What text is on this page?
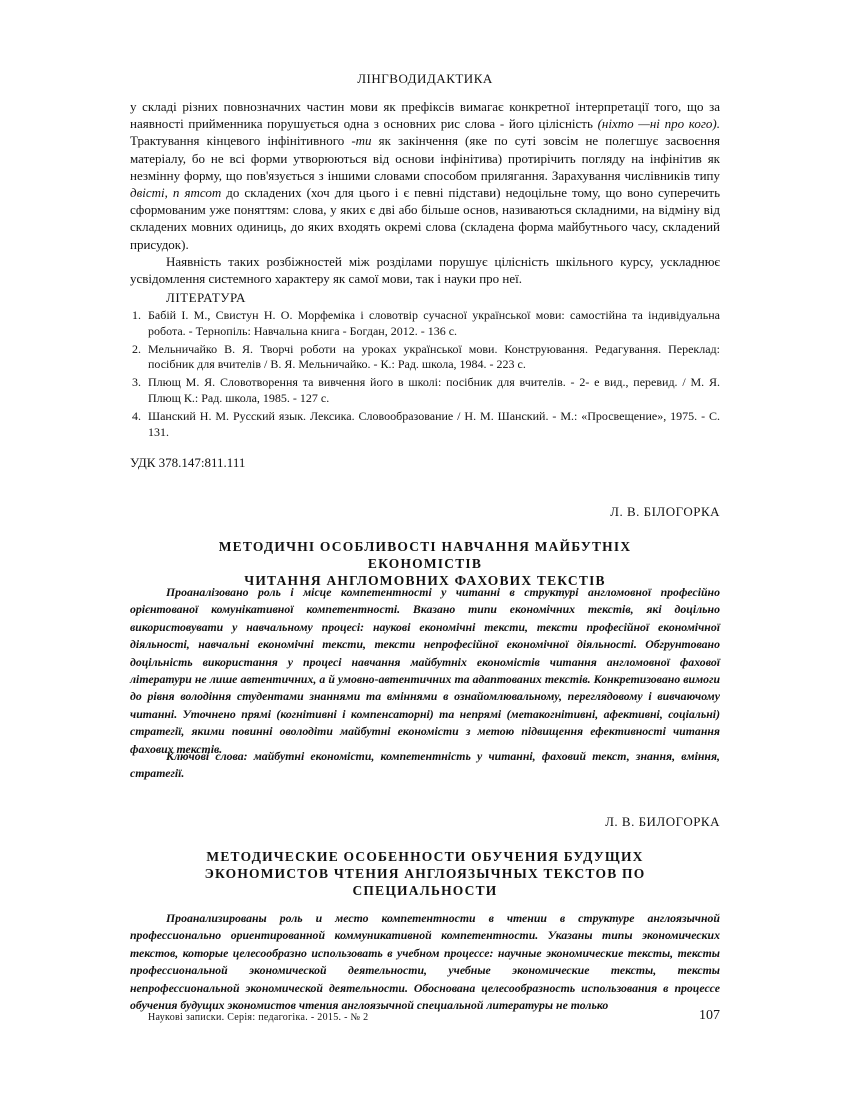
ЛІНГВОДИДАКТИКА

у складі різних повнозначних частин мови як префіксів вимагає конкретної інтерпретації того, що за наявності прийменника порушується одна з основних рис слова - його цілісність (ніхто —ні про кого). Трактування кінцевого інфінітивного -ти як закінчення (яке по суті зовсім не полегшує засвоєння матеріалу, бо не всі форми утворюються від основи інфінітива) протирічить погляду на інфінітив як незмінну форму, що пов'язується з іншими словами способом прилягання. Зарахування числівників типу двісті, п ятсот до складених (хоч для цього і є певні підстави) недоцільне тому, що воно суперечить сформованим уже поняттям: слова, у яких є дві або більше основ, називаються складними, на відміну від складених мовних одиниць, до яких входять окремі слова (складена форма майбутнього часу, складений присудок).

Наявність таких розбіжностей між розділами порушує цілісність шкільного курсу, ускладнює усвідомлення системного характеру як самої мови, так і науки про неї.

ЛІТЕРАТУРА
1. Бабій І. М., Свистун Н. О. Морфеміка і словотвір сучасної української мови: самостійна та індивідуальна робота. - Тернопіль: Навчальна книга - Богдан, 2012. - 136 с.
2. Мельничайко В. Я. Творчі роботи на уроках української мови. Конструювання. Редагування. Переклад: посібник для вчителів / В. Я. Мельничайко. - К.: Рад. школа, 1984. - 223 с.
3. Плющ М. Я. Словотворення та вивчення його в школі: посібник для вчителів. - 2- е вид., перевид. / М. Я. Плющ К.: Рад. школа, 1985. - 127 с.
4. Шанский Н. М. Русский язык. Лексика. Словообразование / Н. М. Шанский. - М.: «Просвещение», 1975. - С. 131.
УДК 378.147:811.111
Л. В. БІЛОГОРКА
МЕТОДИЧНІ ОСОБЛИВОСТІ НАВЧАННЯ МАЙБУТНІХ ЕКОНОМІСТІВ
ЧИТАННЯ АНГЛОМОВНИХ ФАХОВИХ ТЕКСТІВ
Проаналізовано роль і місце компетентності у читанні в структурі англомовної професійно орієнтованої комунікативної компетентності. Вказано типи економічних текстів, які доцільно використовувати у навчальному процесі: наукові економічні тексти, тексти професійної економічної діяльності, навчальні економічні тексти, тексти непрофесійної економічної діяльності. Обгрунтовано доцільність використання у процесі навчання майбутніх економістів читання англомовної фахової літератури не лише автентичних, а й умовно-автентичних та адаптованих текстів. Конкретизовано вимоги до рівня володіння студентами знаннями та вміннями в ознайомлювальному, переглядовому і вивчаючому читанні. Уточнено прямі (когнітивні і компенсаторні) та непрямі (метакогнітивні, афективні, соціальні) стратегії, якими повинні оволодіти майбутні економісти з метою підвищення ефективності читання фахових текстів.
Ключові слова: майбутні економісти, компетентність у читанні, фаховий текст, знання, вміння, стратегії.
Л. В. БИЛОГОРКА
МЕТОДИЧЕСКИЕ ОСОБЕННОСТИ ОБУЧЕНИЯ БУДУЩИХ
ЭКОНОМИСТОВ ЧТЕНИЯ АНГЛОЯЗЫЧНЫХ ТЕКСТОВ ПО
СПЕЦИАЛЬНОСТИ
Проанализированы роль и место компетентности в чтении в структуре англоязычной профессионально ориентированной коммуникативной компетентности. Указаны типы экономических текстов, которые целесообразно использовать в учебном процессе: научные экономические тексты, тексты профессиональной экономической деятельности, учебные экономические тексты, тексты непрофессиональной экономической деятельности. Обоснована целесообразность использования в процессе обучения будущих экономистов чтения англоязычной специальной литературы не только
Наукові записки. Серія: педагогіка. - 2015. - № 2	107
